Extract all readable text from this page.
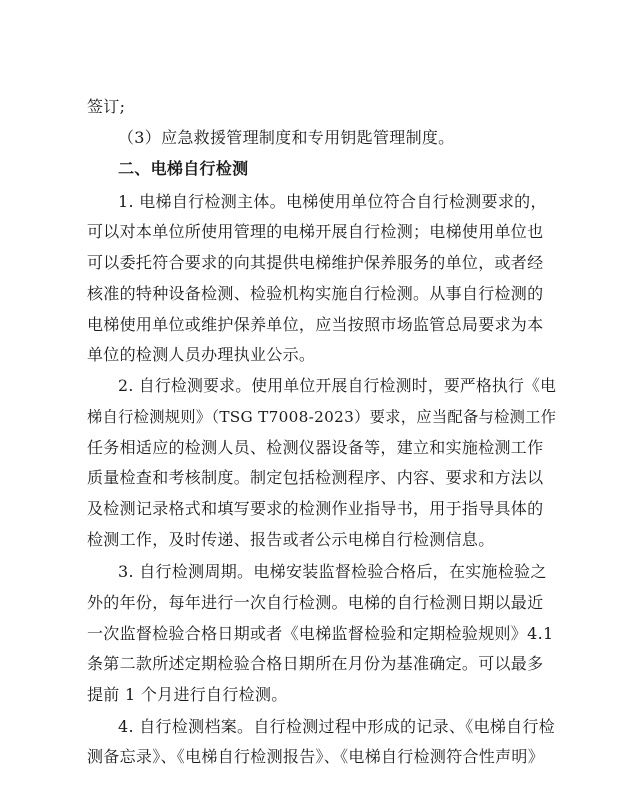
签订;
（3）应急救援管理制度和专用钥匙管理制度。
二、电梯自行检测
1. 电梯自行检测主体。电梯使用单位符合自行检测要求的，
可以对本单位所使用管理的电梯开展自行检测；电梯使用单位也
可以委托符合要求的向其提供电梯维护保养服务的单位，或者经
核准的特种设备检测、检验机构实施自行检测。从事自行检测的
电梯使用单位或维护保养单位，应当按照市场监管总局要求为本
单位的检测人员办理执业公示。
2. 自行检测要求。使用单位开展自行检测时，要严格执行《电
梯自行检测规则》（TSG T7008-2023）要求，应当配备与检测工作
任务相适应的检测人员、检测仪器设备等，建立和实施检测工作
质量检查和考核制度。制定包括检测程序、内容、要求和方法以
及检测记录格式和填写要求的检测作业指导书，用于指导具体的
检测工作，及时传递、报告或者公示电梯自行检测信息。
3. 自行检测周期。电梯安装监督检验合格后，在实施检验之
外的年份，每年进行一次自行检测。电梯的自行检测日期以最近
一次监督检验合格日期或者《电梯监督检验和定期检验规则》4.1
条第二款所述定期检验合格日期所在月份为基准确定。可以最多
提前 1 个月进行自行检测。
4. 自行检测档案。自行检测过程中形成的记录、《电梯自行检
测备忘录》、《电梯自行检测报告》、《电梯自行检测符合性声明》
